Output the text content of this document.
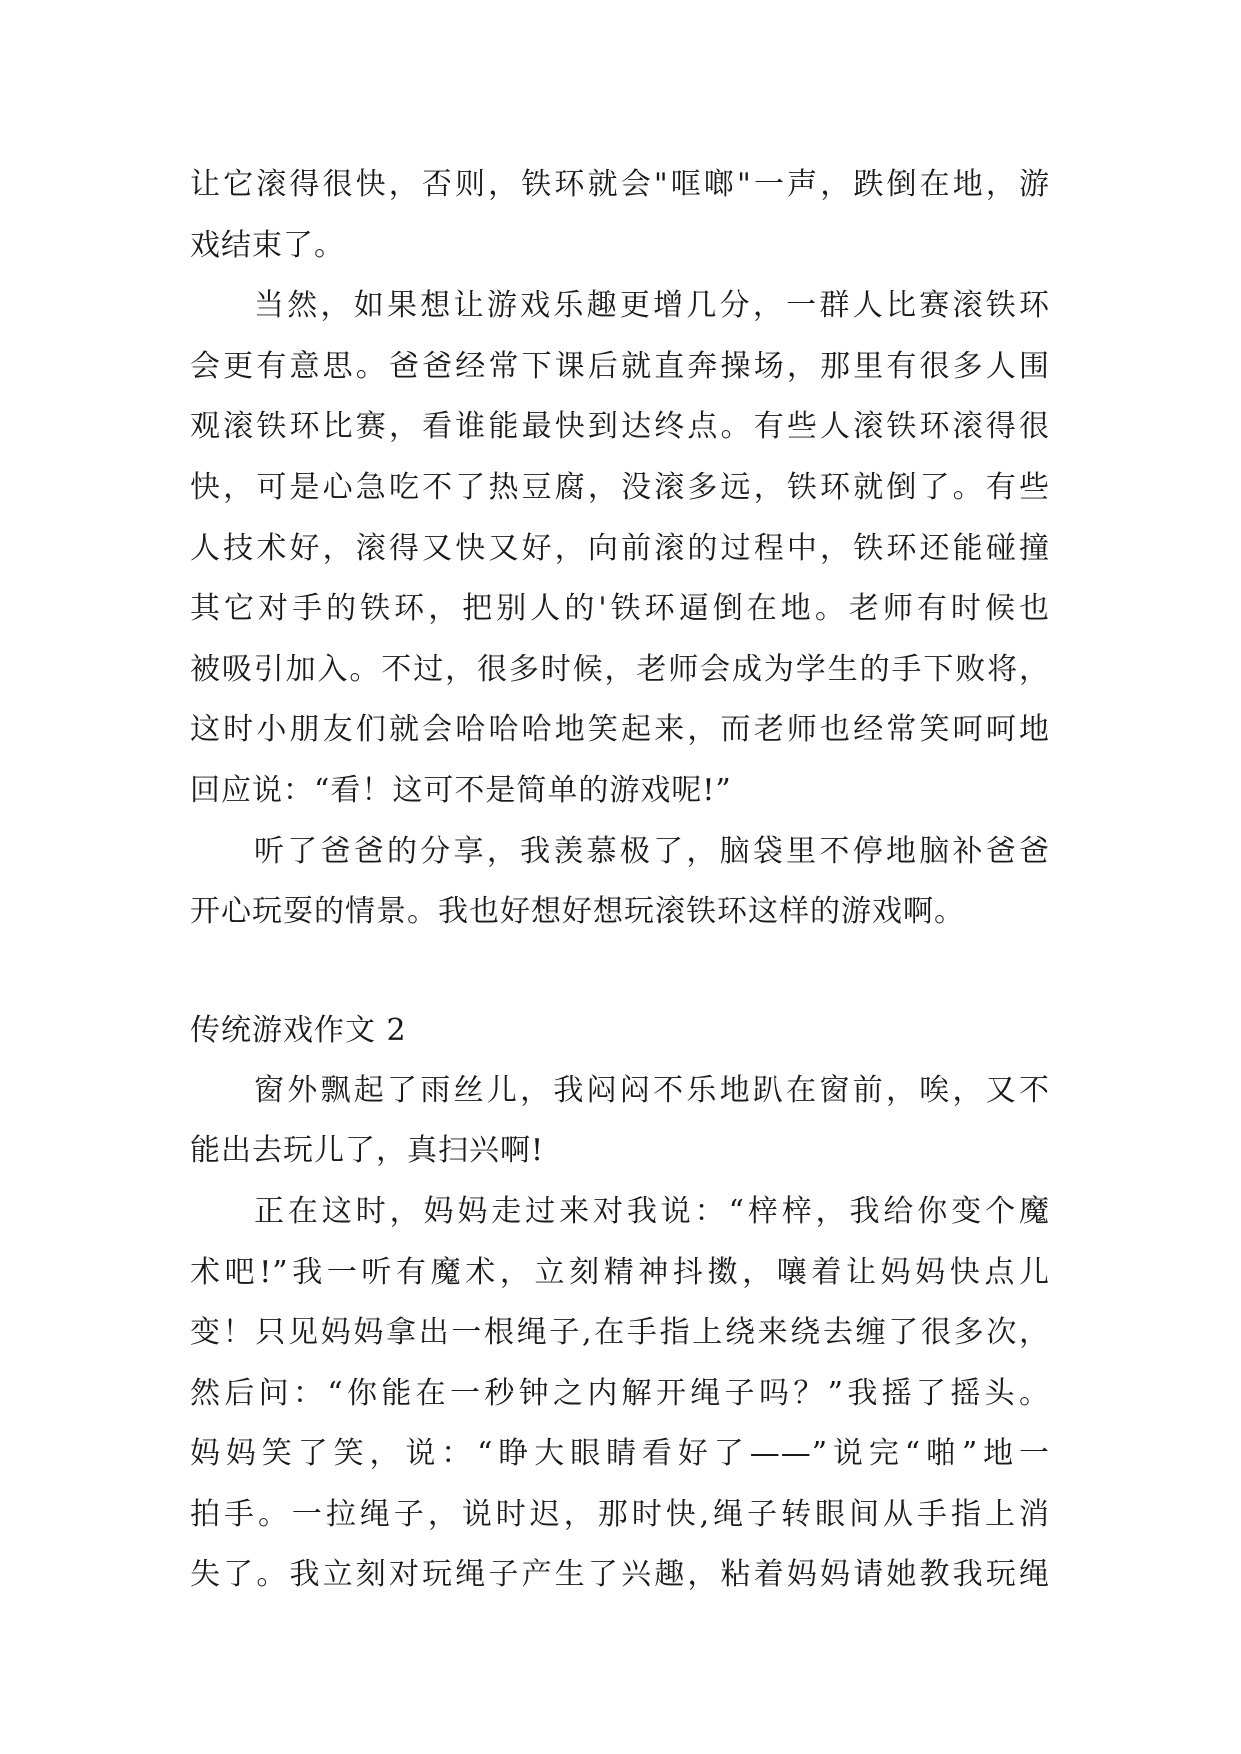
让它滚得很快，否则，铁环就会"哐啷"一声，跌倒在地，游
戏结束了。
当然，如果想让游戏乐趣更增几分，一群人比赛滚铁环
会更有意思。爸爸经常下课后就直奔操场，那里有很多人围
观滚铁环比赛，看谁能最快到达终点。有些人滚铁环滚得很
快，可是心急吃不了热豆腐，没滚多远，铁环就倒了。有些
人技术好，滚得又快又好，向前滚的过程中，铁环还能碰撞
其它对手的铁环，把别人的'铁环逼倒在地。老师有时候也
被吸引加入。不过，很多时候，老师会成为学生的手下败将，
这时小朋友们就会哈哈哈地笑起来，而老师也经常笑呵呵地
回应说：“看！这可不是简单的游戏呢!”
听了爸爸的分享，我羡慕极了，脑袋里不停地脑补爸爸
开心玩耍的情景。我也好想好想玩滚铁环这样的游戏啊。
传统游戏作文 2
窗外飘起了雨丝儿，我闷闷不乐地趴在窗前，唉，又不
能出去玩儿了，真扫兴啊!
正在这时，妈妈走过来对我说：“梓梓，我给你变个魔
术吧!”我一听有魔术，立刻精神抖擞，嚷着让妈妈快点儿
变！只见妈妈拿出一根绳子,在手指上绕来绕去缠了很多次，
然后问：“你能在一秒钟之内解开绳子吗？”我摇了摇头。
妈妈笑了笑，说：“睁大眼睛看好了——”说完“啪”地一
拍手。一拉绳子，说时迟，那时快,绳子转眼间从手指上消
失了。我立刻对玩绳子产生了兴趣，粘着妈妈请她教我玩绳
